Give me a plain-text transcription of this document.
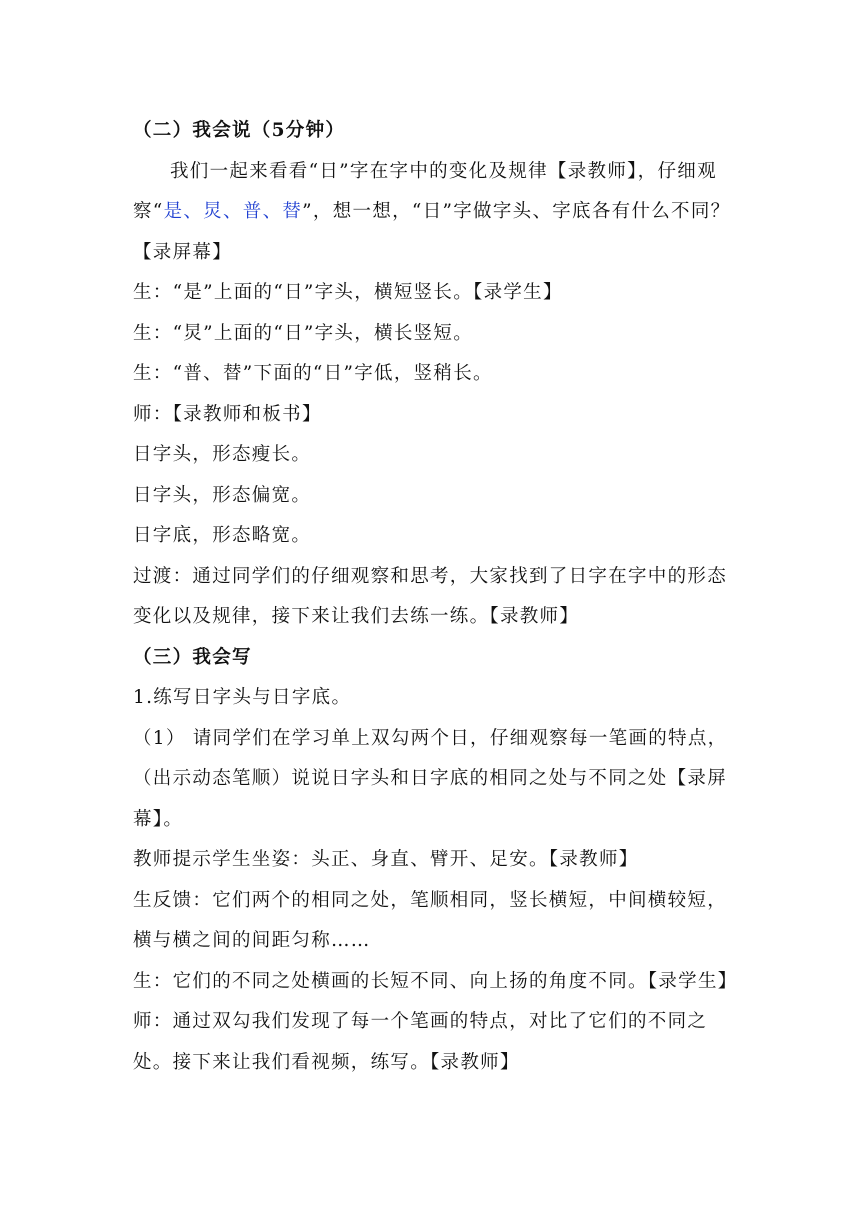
（二）我会说（5分钟）

我们一起来看看“日”字在字中的变化及规律【录教师】，仔细观察“是、炅、普、替”，想一想，“日”字做字头、字底各有什么不同？【录屏幕】

生：“是”上面的“日”字头，横短竖长。【录学生】

生：“炅”上面的“日”字头，横长竖短。

生：“普、替”下面的“日”字低，竖稍长。

师：【录教师和板书】

日字头，形态瘦长。

日字头，形态偏宽。

日字底，形态略宽。

过渡：通过同学们的仔细观察和思考，大家找到了日字在字中的形态变化以及规律，接下来让我们去练一练。【录教师】

（三）我会写

1.练写日字头与日字底。

（1） 请同学们在学习单上双勾两个日，仔细观察每一笔画的特点，（出示动态笔顺）说说日字头和日字底的相同之处与不同之处【录屏幕】。

教师提示学生坐姿：头正、身直、臂开、足安。【录教师】

生反馈：它们两个的相同之处，笔顺相同，竖长横短，中间横较短，横与横之间的间距匀称……

生：它们的不同之处横画的长短不同、向上扬的角度不同。【录学生】

师：通过双勾我们发现了每一个笔画的特点，对比了它们的不同之处。接下来让我们看视频，练写。【录教师】
